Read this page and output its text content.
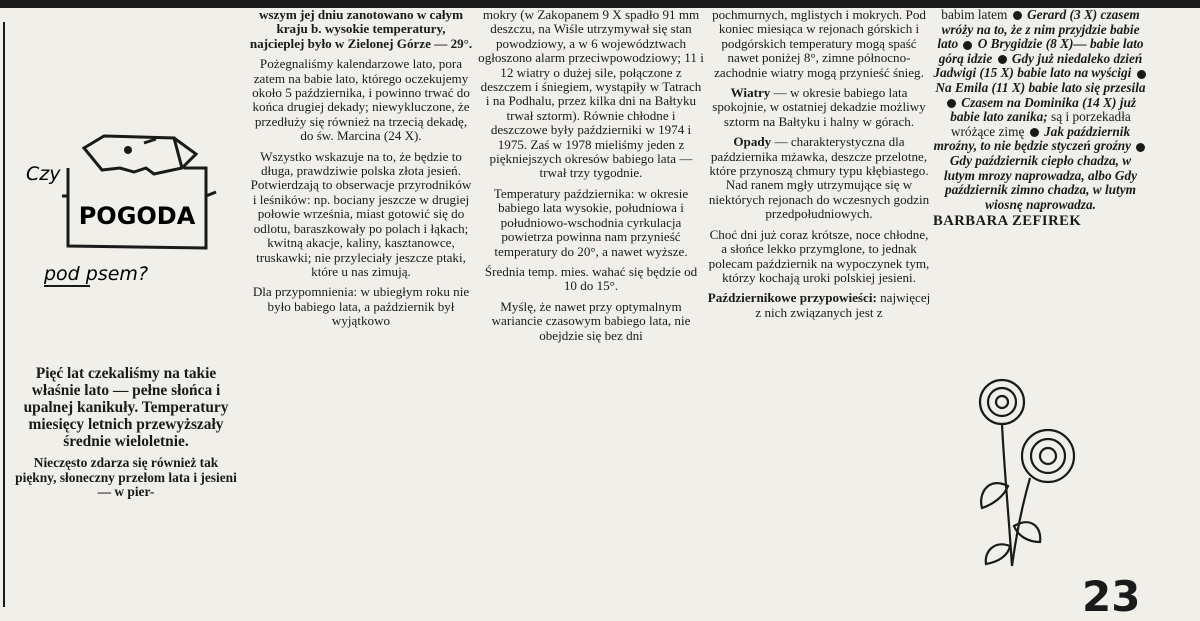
Czy
POGODA
pod psem?

Pięć lat czekaliśmy na takie właśnie lato — pełne słońca i upalnej kanikuły. Temperatury miesięcy letnich przewyższały średnie wieloletnie.

Nieczęsto zdarza się również tak piękny, słoneczny przełom lata i jesieni — w pier-

wszym jej dniu zanotowano w całym kraju b. wysokie temperatury, najcieplej było w Zielonej Górze — 29°.

Pożegnaliśmy kalendarzowe lato, pora zatem na babie lato, którego oczekujemy około 5 października, i powinno trwać do końca drugiej dekady; niewykluczone, że przedłuży się również na trzecią dekadę, do św. Marcina (24 X).

Wszystko wskazuje na to, że będzie to długa, prawdziwie polska złota jesień. Potwierdzają to obserwacje przyrodników i leśników: np. bociany jeszcze w drugiej połowie września, miast gotowić się do odlotu, baraszkowały po polach i łąkach; kwitną akacje, kaliny, kasztanowce, truskawki; nie przyleciały jeszcze ptaki, które u nas zimują.

Dla przypomnienia: w ubiegłym roku nie było babiego lata, a październik był wyjątkowo

mokry (w Zakopanem 9 X spadło 91 mm deszczu, na Wiśle utrzymywał się stan powodziowy, a w 6 województwach ogłoszono alarm przeciwpowodziowy; 11 i 12 wiatry o dużej sile, połączone z deszczem i śniegiem, wystąpiły w Tatrach i na Podhalu, przez kilka dni na Bałtyku trwał sztorm). Równie chłodne i deszczowe były październiki w 1974 i 1975. Zaś w 1978 mieliśmy jeden z piękniejszych okresów babiego lata — trwał trzy tygodnie.

Temperatury października: w okresie babiego lata wysokie, południowa i południowo-wschodnia cyrkulacja powietrza powinna nam przynieść temperatury do 20°, a nawet wyższe.

Średnia temp. mies. wahać się będzie od 10 do 15°.

Myślę, że nawet przy optymalnym wariancie czasowym babiego lata, nie obejdzie się bez dni

pochmurnych, mglistych i mokrych. Pod koniec miesiąca w rejonach górskich i podgórskich temperatury mogą spaść nawet poniżej 8°, zimne północno-zachodnie wiatry mogą przynieść śnieg.

Wiatry — w okresie babiego lata spokojnie, w ostatniej dekadzie możliwy sztorm na Bałtyku i halny w górach.

Opady — charakterystyczna dla października mżawka, deszcze przelotne, które przynoszą chmury typu kłębiastego. Nad ranem mgły utrzymujące się w niektórych rejonach do wczesnych godzin przedpołudniowych.

Choć dni już coraz krótsze, noce chłodne, a słońce lekko przymglone, to jednak polecam październik na wypoczynek tym, którzy kochają uroki polskiej jesieni.

Październikowe przypowieści: najwięcej z nich związanych jest z

babim latem Gerard (3 X) czasem wróży na to, że z nim przyjdzie babie lato O Brygidzie (8 X)— babie lato górą idzie Gdy już niedaleko dzień Jadwigi (15 X) babie lato na wyścigi  Na Emila (11 X) babie lato się przesila  Czasem na Dominika (14 X) już babie lato zanika; są i porzekadła wróżące zimę Jak październik mroźny, to nie będzie styczeń groźny  Gdy październik ciepło chadza, w lutym mrozy naprowadza, albo Gdy październik zimno chadza, w lutym wiosnę naprowadza.

BARBARA ZEFIREK
23
